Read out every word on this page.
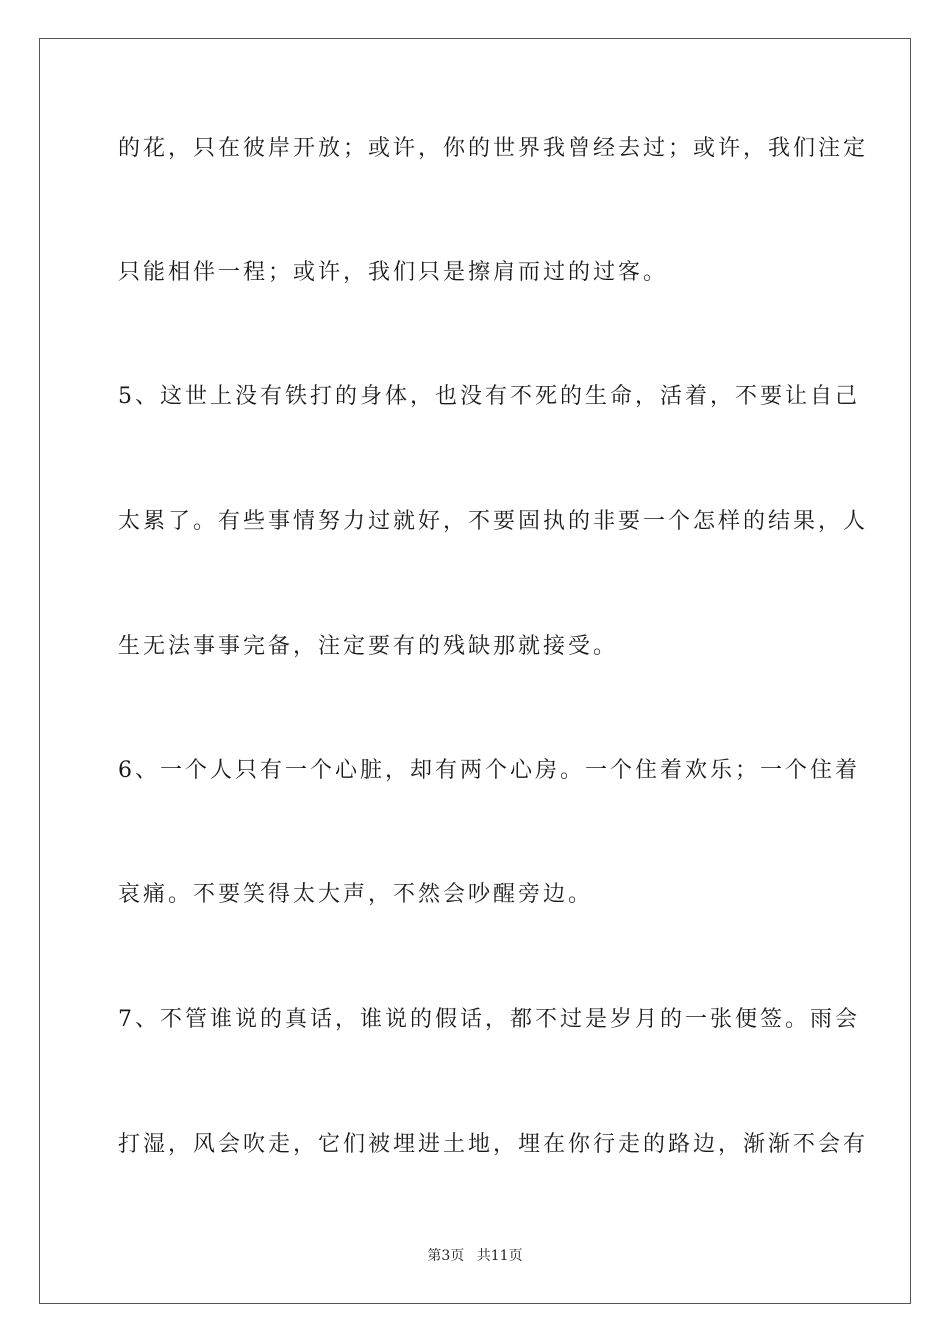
的花，只在彼岸开放；或许，你的世界我曾经去过；或许，我们注定
只能相伴一程；或许，我们只是擦肩而过的过客。
5、这世上没有铁打的身体，也没有不死的生命，活着，不要让自己
太累了。有些事情努力过就好，不要固执的非要一个怎样的结果，人
生无法事事完备，注定要有的残缺那就接受。
6、一个人只有一个心脏，却有两个心房。一个住着欢乐；一个住着
哀痛。不要笑得太大声，不然会吵醒旁边。
7、不管谁说的真话，谁说的假话，都不过是岁月的一张便签。雨会
打湿，风会吹走，它们被埋进土地，埋在你行走的路边，渐渐不会有
第3页 共11页
